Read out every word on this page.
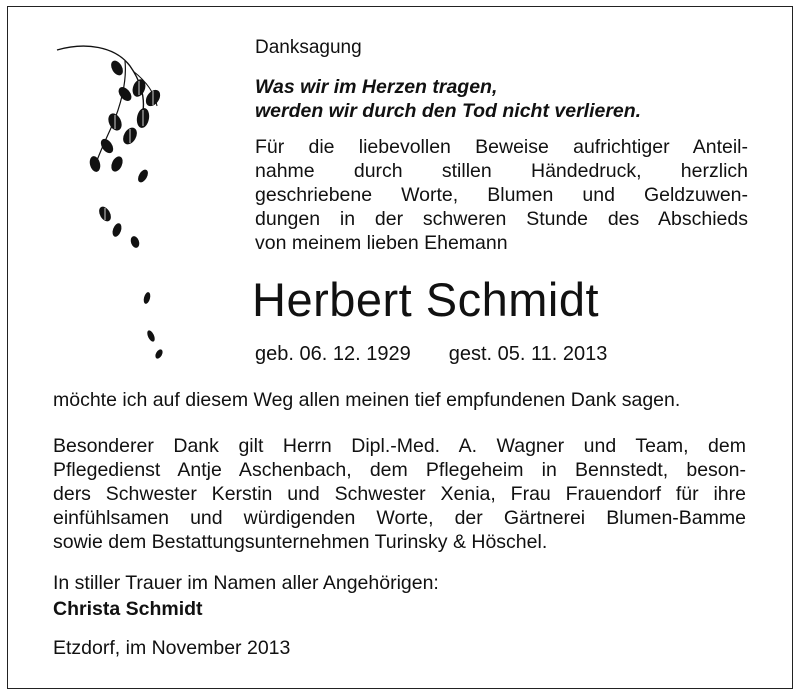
Danksagung
Was wir im Herzen tragen,
werden wir durch den Tod nicht verlieren.
Für die liebevollen Beweise aufrichtiger Anteil-
nahme durch stillen Händedruck, herzlich
geschriebene Worte, Blumen und Geldzuwen-
dungen in der schweren Stunde des Abschieds
von meinem lieben Ehemann
Herbert Schmidt
geb. 06. 12. 1929 gest. 05. 11. 2013
möchte ich auf diesem Weg allen meinen tief empfundenen Dank sagen.
Besonderer Dank gilt Herrn Dipl.-Med. A. Wagner und Team, dem
Pflegedienst Antje Aschenbach, dem Pflegeheim in Bennstedt, beson-
ders Schwester Kerstin und Schwester Xenia, Frau Frauendorf für ihre
einfühlsamen und würdigenden Worte, der Gärtnerei Blumen-Bamme
sowie dem Bestattungsunternehmen Turinsky & Höschel.
In stiller Trauer im Namen aller Angehörigen:
Christa Schmidt
Etzdorf, im November 2013
